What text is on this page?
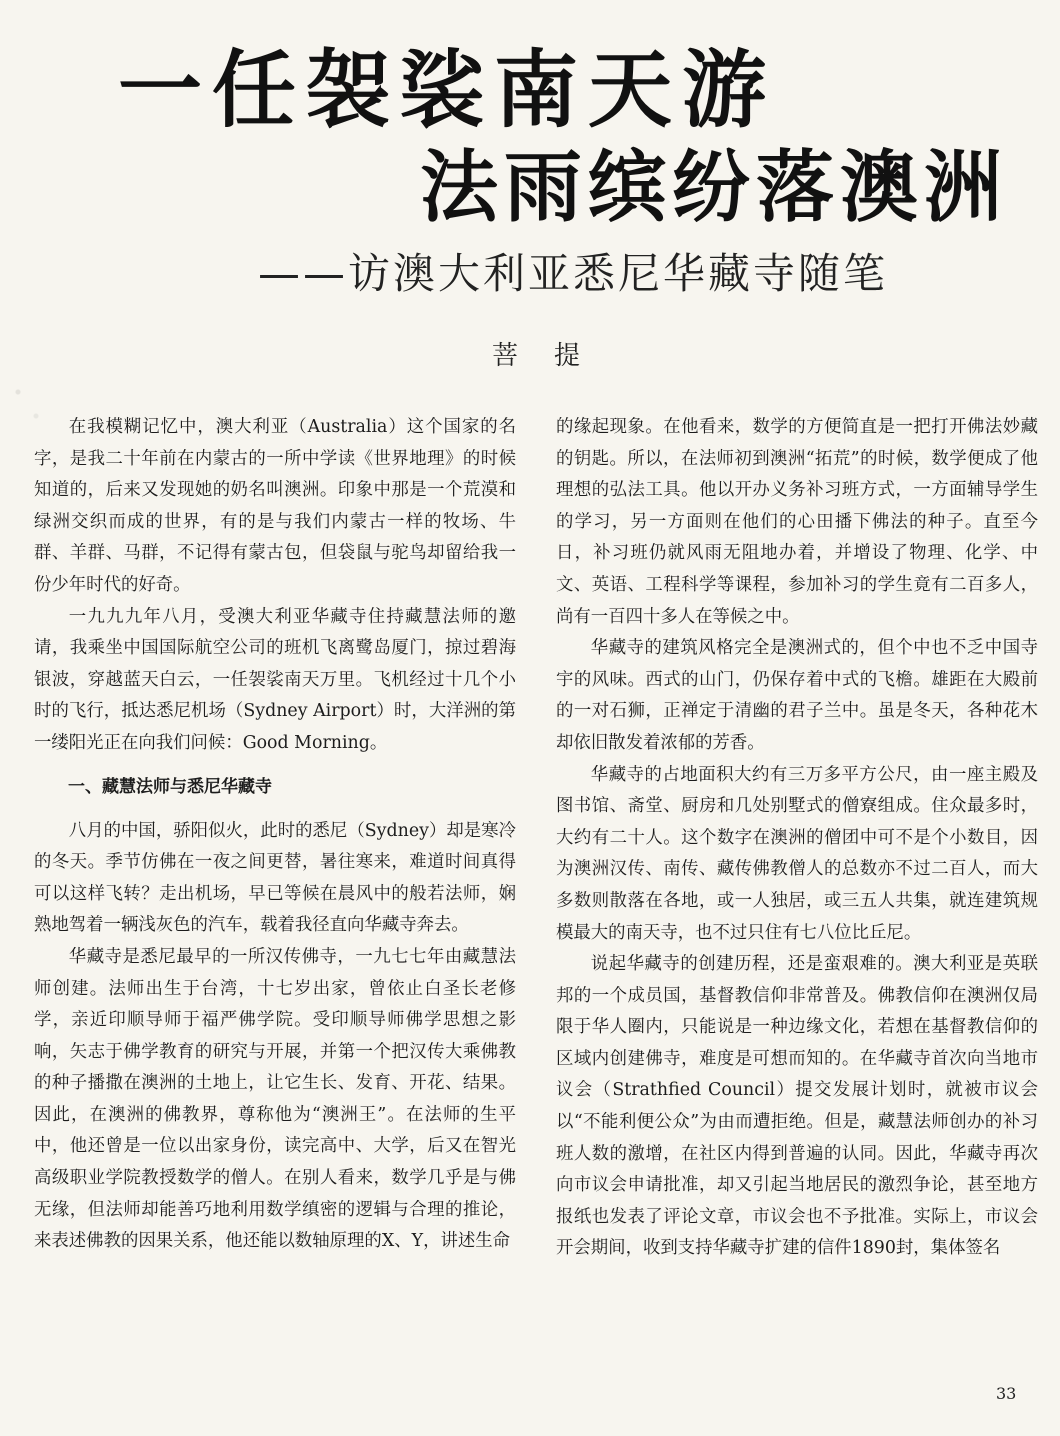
一任袈裟南天游
法雨缤纷落澳洲
——访澳大利亚悉尼华藏寺随笔
菩提

在我模糊记忆中，澳大利亚（Australia）这个国家的名字，是我二十年前在内蒙古的一所中学读《世界地理》的时候知道的，后来又发现她的奶名叫澳洲。印象中那是一个荒漠和绿洲交织而成的世界，有的是与我们内蒙古一样的牧场、牛群、羊群、马群，不记得有蒙古包，但袋鼠与驼鸟却留给我一份少年时代的好奇。

一九九九年八月，受澳大利亚华藏寺住持藏慧法师的邀请，我乘坐中国国际航空公司的班机飞离鹭岛厦门，掠过碧海银波，穿越蓝天白云，一任袈裟南天万里。飞机经过十几个小时的飞行，抵达悉尼机场（Sydney Airport）时，大洋洲的第一缕阳光正在向我们问候：Good Morning。

一、藏慧法师与悉尼华藏寺

八月的中国，骄阳似火，此时的悉尼（Sydney）却是寒冷的冬天。季节仿佛在一夜之间更替，暑往寒来，难道时间真得可以这样飞转？走出机场，早已等候在晨风中的般若法师，娴熟地驾着一辆浅灰色的汽车，载着我径直向华藏寺奔去。

华藏寺是悉尼最早的一所汉传佛寺，一九七七年由藏慧法师创建。法师出生于台湾，十七岁出家，曾依止白圣长老修学，亲近印顺导师于福严佛学院。受印顺导师佛学思想之影响，矢志于佛学教育的研究与开展，并第一个把汉传大乘佛教的种子播撒在澳洲的土地上，让它生长、发育、开花、结果。因此，在澳洲的佛教界，尊称他为“澳洲王”。在法师的生平中，他还曾是一位以出家身份，读完高中、大学，后又在智光高级职业学院教授数学的僧人。在别人看来，数学几乎是与佛无缘，但法师却能善巧地利用数学缜密的逻辑与合理的推论，来表述佛教的因果关系，他还能以数轴原理的X、Y，讲述生命

的缘起现象。在他看来，数学的方便简直是一把打开佛法妙藏的钥匙。所以，在法师初到澳洲“拓荒”的时候，数学便成了他理想的弘法工具。他以开办义务补习班方式，一方面辅导学生的学习，另一方面则在他们的心田播下佛法的种子。直至今日，补习班仍就风雨无阻地办着，并增设了物理、化学、中文、英语、工程科学等课程，参加补习的学生竟有二百多人，尚有一百四十多人在等候之中。

华藏寺的建筑风格完全是澳洲式的，但个中也不乏中国寺宇的风味。西式的山门，仍保存着中式的飞檐。雄距在大殿前的一对石狮，正禅定于清幽的君子兰中。虽是冬天，各种花木却依旧散发着浓郁的芳香。

华藏寺的占地面积大约有三万多平方公尺，由一座主殿及图书馆、斋堂、厨房和几处别墅式的僧寮组成。住众最多时，大约有二十人。这个数字在澳洲的僧团中可不是个小数目，因为澳洲汉传、南传、藏传佛教僧人的总数亦不过二百人，而大多数则散落在各地，或一人独居，或三五人共集，就连建筑规模最大的南天寺，也不过只住有七八位比丘尼。

说起华藏寺的创建历程，还是蛮艰难的。澳大利亚是英联邦的一个成员国，基督教信仰非常普及。佛教信仰在澳洲仅局限于华人圈内，只能说是一种边缘文化，若想在基督教信仰的区域内创建佛寺，难度是可想而知的。在华藏寺首次向当地市议会（Strathfied Council）提交发展计划时，就被市议会以“不能利便公众”为由而遭拒绝。但是，藏慧法师创办的补习班人数的激增，在社区内得到普遍的认同。因此，华藏寺再次向市议会申请批准，却又引起当地居民的激烈争论，甚至地方报纸也发表了评论文章，市议会也不予批准。实际上，市议会开会期间，收到支持华藏寺扩建的信件1890封，集体签名

33
